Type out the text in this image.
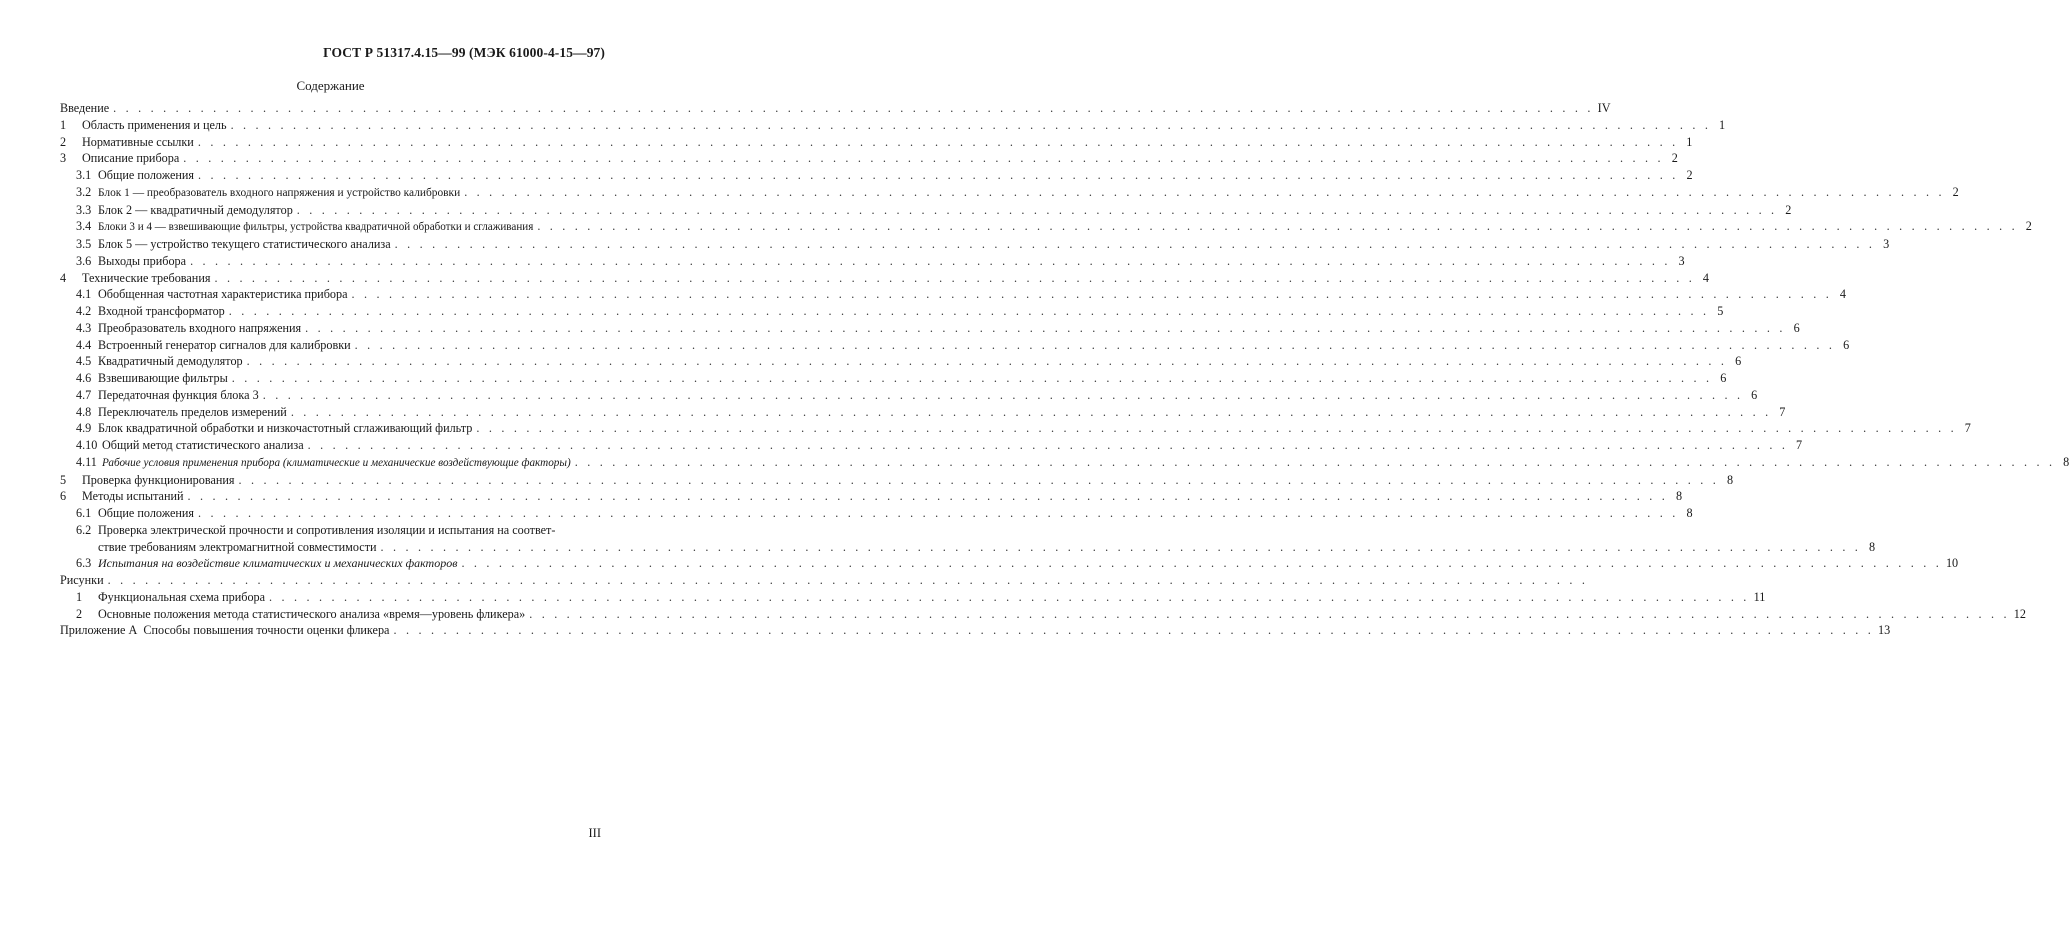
ГОСТ Р 51317.4.15—99 (МЭК 61000-4-15—97)
Содержание
Введение . . . . . . . . . . . . . . . . . . . . . . . . . . . . . . . . . . . . . . . . . . . . . . . . . . . . . . . . . . . . . . . . . . . . . . . . . . . . . . . . . . . . . . . . . . . . . . . . . . . . . . . . . . . . . . . . . . . . . . . IV
1 Область применения и цель . . . . . . . . . . . . . . . . . . . . . . . . . . . . . . . . . . . . . . . . . . . . . . . . . . . . . . . . . . . . . . . . . . . . . . . . . . . . . . . . . . . . . . . . . . . . . . . . . . . . . . . . . . . . . . . . . . . . . . . 1
2 Нормативные ссылки . . . . . . . . . . . . . . . . . . . . . . . . . . . . . . . . . . . . . . . . . . . . . . . . . . . . . . . . . . . . . . . . . . . . . . . . . . . . . . . . . . . . . . . . . . . . . . . . . . . . . . . . . . . . . . . . . . . . . . . 1
3 Описание прибора . . . . . . . . . . . . . . . . . . . . . . . . . . . . . . . . . . . . . . . . . . . . . . . . . . . . . . . . . . . . . . . . . . . . . . . . . . . . . . . . . . . . . . . . . . . . . . . . . . . . . . . . . . . . . . . . . . . . . . . 2
3.1 Общие положения . . . . . . . . . . . . . . . . . . . . . . . . . . . . . . . . . . . . . . . . . . . . . . . . . . . . . . . . . . . . . . . . . . . . . . . . . . . . . . . . . . . . . . . . . . . . . . . . . . . . . . . . . . . . . . . . . . . . . . . 2
3.2 Блок 1 — преобразователь входного напряжения и устройство калибровки . . . . . . . . . . . . . . . . . . . . . . . . . . . . . . . . . . . . . . . . . . . . . . . . . . . . . . . . . . . . . . . . . . . . . . . . . . . . . . . . . . . . . . . . . . . . . . . . . . . . . . . . . . . . . . . . . . . . . . . 2
3.3 Блок 2 — квадратичный демодулятор . . . . . . . . . . . . . . . . . . . . . . . . . . . . . . . . . . . . . . . . . . . . . . . . . . . . . . . . . . . . . . . . . . . . . . . . . . . . . . . . . . . . . . . . . . . . . . . . . . . . . . . . . . . . . . . . . . . . . . . 2
3.4 Блоки 3 и 4 — взвешивающие фильтры, устройства квадратичной обработки и сглаживания . . . . . . . . . . . . . . . . . . . . . . . . . . . . . . . . . . . . . . . . . . . . . . . . . . . . . . . . . . . . . . . . . . . . . . . . . . . . . . . . . . . . . . . . . . . . . . . . . . . . . . . . . . . . . . . . . . . . . . . 2
3.5 Блок 5 — устройство текущего статистического анализа . . . . . . . . . . . . . . . . . . . . . . . . . . . . . . . . . . . . . . . . . . . . . . . . . . . . . . . . . . . . . . . . . . . . . . . . . . . . . . . . . . . . . . . . . . . . . . . . . . . . . . . . . . . . . . . . . . . . . . . 3
3.6 Выходы прибора . . . . . . . . . . . . . . . . . . . . . . . . . . . . . . . . . . . . . . . . . . . . . . . . . . . . . . . . . . . . . . . . . . . . . . . . . . . . . . . . . . . . . . . . . . . . . . . . . . . . . . . . . . . . . . . . . . . . . . . 3
4 Технические требования . . . . . . . . . . . . . . . . . . . . . . . . . . . . . . . . . . . . . . . . . . . . . . . . . . . . . . . . . . . . . . . . . . . . . . . . . . . . . . . . . . . . . . . . . . . . . . . . . . . . . . . . . . . . . . . . . . . . . . . 4
4.1 Обобщенная частотная характеристика прибора . . . . . . . . . . . . . . . . . . . . . . . . . . . . . . . . . . . . . . . . . . . . . . . . . . . . . . . . . . . . . . . . . . . . . . . . . . . . . . . . . . . . . . . . . . . . . . . . . . . . . . . . . . . . . . . . . . . . . . . 4
4.2 Входной трансформатор . . . . . . . . . . . . . . . . . . . . . . . . . . . . . . . . . . . . . . . . . . . . . . . . . . . . . . . . . . . . . . . . . . . . . . . . . . . . . . . . . . . . . . . . . . . . . . . . . . . . . . . . . . . . . . . . . . . . . . . 5
4.3 Преобразователь входного напряжения . . . . . . . . . . . . . . . . . . . . . . . . . . . . . . . . . . . . . . . . . . . . . . . . . . . . . . . . . . . . . . . . . . . . . . . . . . . . . . . . . . . . . . . . . . . . . . . . . . . . . . . . . . . . . . . . . . . . . . . 6
4.4 Встроенный генератор сигналов для калибровки . . . . . . . . . . . . . . . . . . . . . . . . . . . . . . . . . . . . . . . . . . . . . . . . . . . . . . . . . . . . . . . . . . . . . . . . . . . . . . . . . . . . . . . . . . . . . . . . . . . . . . . . . . . . . . . . . . . . . . . 6
4.5 Квадратичный демодулятор . . . . . . . . . . . . . . . . . . . . . . . . . . . . . . . . . . . . . . . . . . . . . . . . . . . . . . . . . . . . . . . . . . . . . . . . . . . . . . . . . . . . . . . . . . . . . . . . . . . . . . . . . . . . . . . . . . . . . . . 6
4.6 Взвешивающие фильтры . . . . . . . . . . . . . . . . . . . . . . . . . . . . . . . . . . . . . . . . . . . . . . . . . . . . . . . . . . . . . . . . . . . . . . . . . . . . . . . . . . . . . . . . . . . . . . . . . . . . . . . . . . . . . . . . . . . . . . . 6
4.7 Передаточная функция блока 3 . . . . . . . . . . . . . . . . . . . . . . . . . . . . . . . . . . . . . . . . . . . . . . . . . . . . . . . . . . . . . . . . . . . . . . . . . . . . . . . . . . . . . . . . . . . . . . . . . . . . . . . . . . . . . . . . . . . . . . . 6
4.8 Переключатель пределов измерений . . . . . . . . . . . . . . . . . . . . . . . . . . . . . . . . . . . . . . . . . . . . . . . . . . . . . . . . . . . . . . . . . . . . . . . . . . . . . . . . . . . . . . . . . . . . . . . . . . . . . . . . . . . . . . . . . . . . . . . 7
4.9 Блок квадратичной обработки и низкочастотный сглаживающий фильтр . . . . . . . . . . . . . . . . . . . . . . . . . . . . . . . . . . . . . . . . . . . . . . . . . . . . . . . . . . . . . . . . . . . . . . . . . . . . . . . . . . . . . . . . . . . . . . . . . . . . . . . . . . . . . . . . . . . . . . . 7
4.10 Общий метод статистического анализа . . . . . . . . . . . . . . . . . . . . . . . . . . . . . . . . . . . . . . . . . . . . . . . . . . . . . . . . . . . . . . . . . . . . . . . . . . . . . . . . . . . . . . . . . . . . . . . . . . . . . . . . . . . . . . . . . . . . . . . 7
4.11 Рабочие условия применения прибора (климатические и механические воздействующие факторы) . . . . . . . . . . . . . . . . . . . . . . . . . . . . . . . . . . . . . . . . . . . . . . . . . . . . . . . . . . . . . . . . . . . . . . . . . . . . . . . . . . . . . . . . . . . . . . . . . . . . . . . . . . . . . . . . . . . . . . . 8
5 Проверка функционирования . . . . . . . . . . . . . . . . . . . . . . . . . . . . . . . . . . . . . . . . . . . . . . . . . . . . . . . . . . . . . . . . . . . . . . . . . . . . . . . . . . . . . . . . . . . . . . . . . . . . . . . . . . . . . . . . . . . . . . . 8
6 Методы испытаний . . . . . . . . . . . . . . . . . . . . . . . . . . . . . . . . . . . . . . . . . . . . . . . . . . . . . . . . . . . . . . . . . . . . . . . . . . . . . . . . . . . . . . . . . . . . . . . . . . . . . . . . . . . . . . . . . . . . . . . 8
6.1 Общие положения . . . . . . . . . . . . . . . . . . . . . . . . . . . . . . . . . . . . . . . . . . . . . . . . . . . . . . . . . . . . . . . . . . . . . . . . . . . . . . . . . . . . . . . . . . . . . . . . . . . . . . . . . . . . . . . . . . . . . . . 8
6.2 Проверка электрической прочности и сопротивления изоляции и испытания на соответ-
ствие требованиям электромагнитной совместимости . . . . . . . . . . . . . . . . . . . . . . . . . . . . . . . . . . . . . . . . . . . . . . . . . . . . . . . . . . . . . . . . . . . . . . . . . . . . . . . . . . . . . . . . . . . . . . . . . . . . . . . . . . . . . . . . . . . . . . . 8
6.3 Испытания на воздействие климатических и механических факторов . . . . . . . . . . . . . . . . . . . . . . . . . . . . . . . . . . . . . . . . . . . . . . . . . . . . . . . . . . . . . . . . . . . . . . . . . . . . . . . . . . . . . . . . . . . . . . . . . . . . . . . . . . . . . . . . . . . . . . . 10
Рисунки . . . . . . . . . . . . . . . . . . . . . . . . . . . . . . . . . . . . . . . . . . . . . . . . . . . . . . . . . . . . . . . . . . . . . . . . . . . . . . . . . . . . . . . . . . . . . . . . . . . . . . . . . . . . . . . . . . . . . . .
1 Функциональная схема прибора . . . . . . . . . . . . . . . . . . . . . . . . . . . . . . . . . . . . . . . . . . . . . . . . . . . . . . . . . . . . . . . . . . . . . . . . . . . . . . . . . . . . . . . . . . . . . . . . . . . . . . . . . . . . . . . . . . . . . . . 11
2 Основные положения метода статистического анализа «время—уровень фликера» . . . . . . . . . . . . . . . . . . . . . . . . . . . . . . . . . . . . . . . . . . . . . . . . . . . . . . . . . . . . . . . . . . . . . . . . . . . . . . . . . . . . . . . . . . . . . . . . . . . . . . . . . . . . . . . . . . . . . . . 12
Приложение А  Способы повышения точности оценки фликера . . . . . . . . . . . . . . . . . . . . . . . . . . . . . . . . . . . . . . . . . . . . . . . . . . . . . . . . . . . . . . . . . . . . . . . . . . . . . . . . . . . . . . . . . . . . . . . . . . . . . . . . . . . . . . . . . . . . . . . 13
III
